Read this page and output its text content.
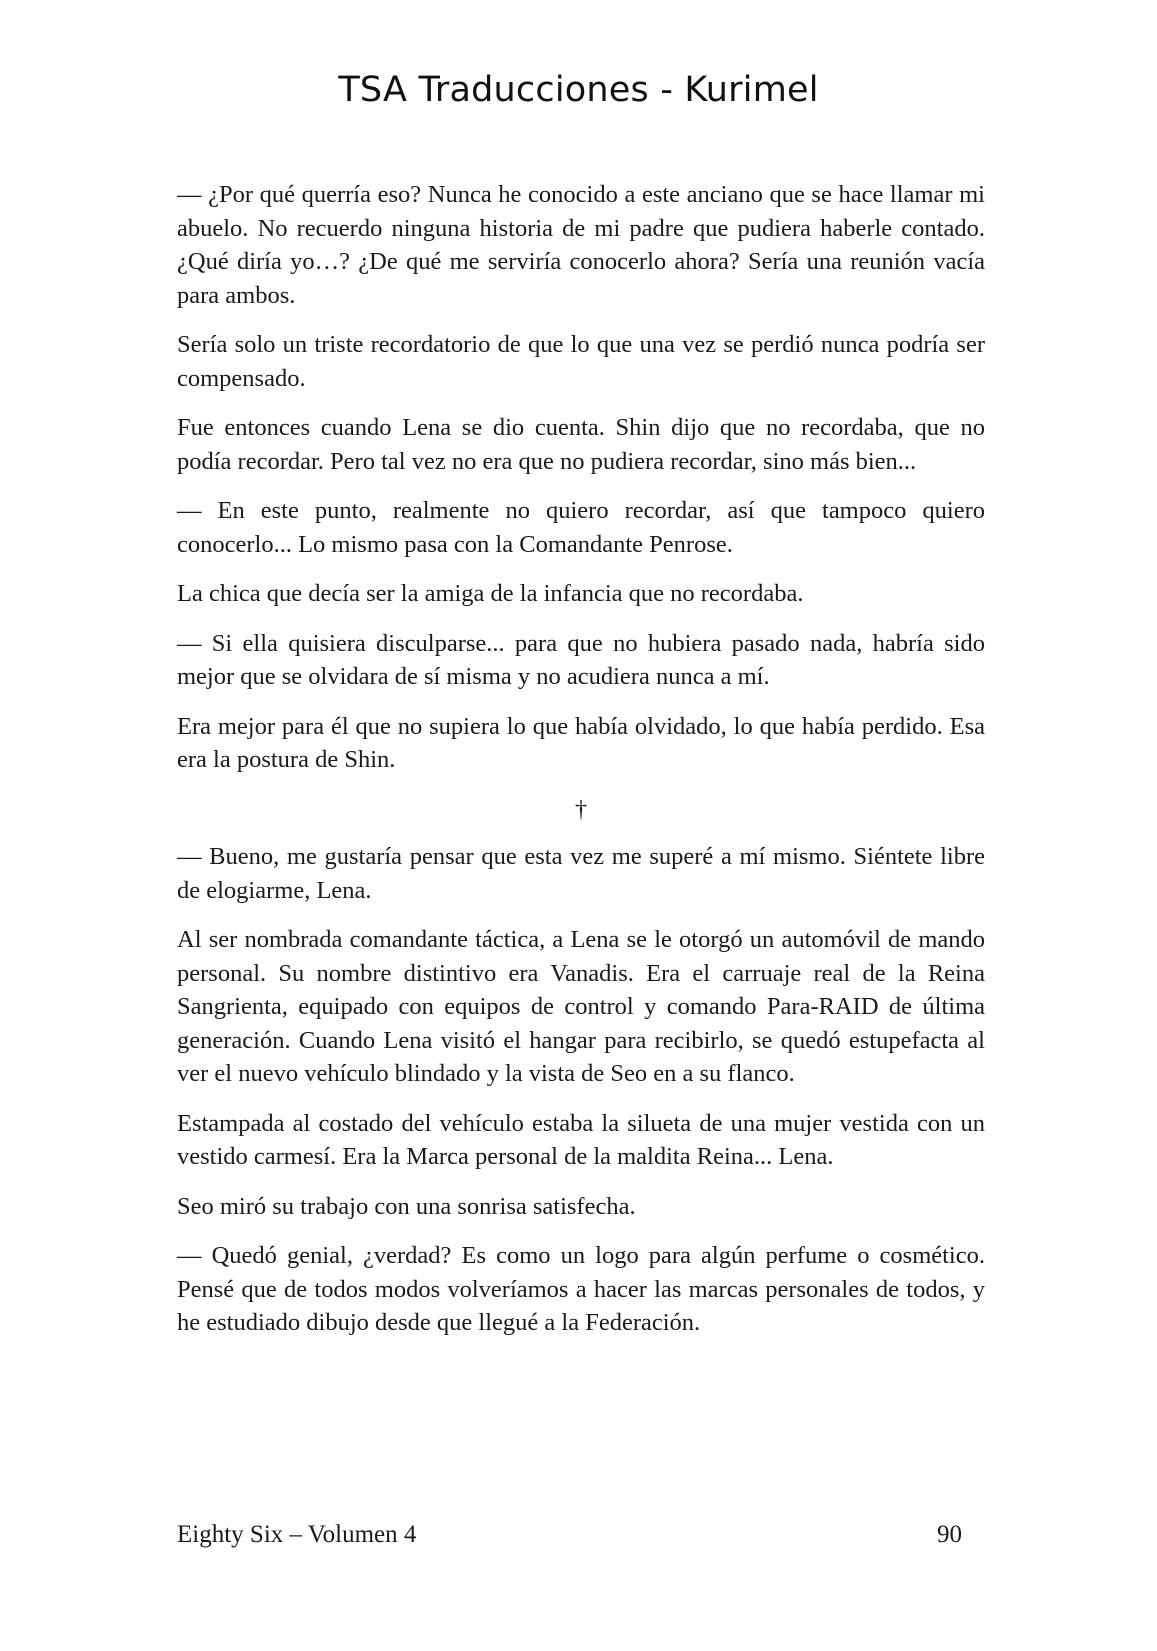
TSA Traducciones - Kurimel

— ¿Por qué querría eso? Nunca he conocido a este anciano que se hace llamar mi abuelo. No recuerdo ninguna historia de mi padre que pudiera haberle contado. ¿Qué diría yo…? ¿De qué me serviría conocerlo ahora? Sería una reunión vacía para ambos.

Sería solo un triste recordatorio de que lo que una vez se perdió nunca podría ser compensado.

Fue entonces cuando Lena se dio cuenta. Shin dijo que no recordaba, que no podía recordar. Pero tal vez no era que no pudiera recordar, sino más bien...

— En este punto, realmente no quiero recordar, así que tampoco quiero conocerlo... Lo mismo pasa con la Comandante Penrose.

La chica que decía ser la amiga de la infancia que no recordaba.

— Si ella quisiera disculparse... para que no hubiera pasado nada, habría sido mejor que se olvidara de sí misma y no acudiera nunca a mí.

Era mejor para él que no supiera lo que había olvidado, lo que había perdido. Esa era la postura de Shin.

†

— Bueno, me gustaría pensar que esta vez me superé a mí mismo. Siéntete libre de elogiarme, Lena.

Al ser nombrada comandante táctica, a Lena se le otorgó un automóvil de mando personal. Su nombre distintivo era Vanadis. Era el carruaje real de la Reina Sangrienta, equipado con equipos de control y comando Para-RAID de última generación. Cuando Lena visitó el hangar para recibirlo, se quedó estupefacta al ver el nuevo vehículo blindado y la vista de Seo en a su flanco.

Estampada al costado del vehículo estaba la silueta de una mujer vestida con un vestido carmesí. Era la Marca personal de la maldita Reina... Lena.

Seo miró su trabajo con una sonrisa satisfecha.

— Quedó genial, ¿verdad? Es como un logo para algún perfume o cosmético. Pensé que de todos modos volveríamos a hacer las marcas personales de todos, y he estudiado dibujo desde que llegué a la Federación.

Eighty Six – Volumen 4	90
